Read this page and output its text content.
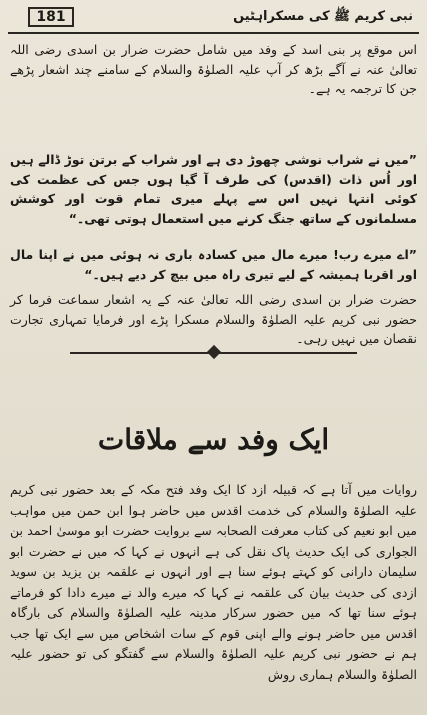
181	نبی کریم ﷺ کی مسکراہٹیں
اس موقع پر بنی اسد کے وفد میں شامل حضرت ضرار بن اسدی رضی اللہ تعالیٰ عنہ نے آگے بڑھ کر آپ علیہ الصلوٰۃ والسلام کے سامنے چند اشعار پڑھے جن کا ترجمہ یہ ہے۔
”میں نے شراب نوشی چھوڑ دی ہے اور شراب کے برتن توڑ ڈالے ہیں اور اُس ذات (اقدس) کی طرف آ گیا ہوں جس کی عظمت کی کوئی انتہا نہیں اس سے پہلے میری تمام قوت اور کوشش مسلمانوں کے ساتھ جنگ کرنے میں استعمال ہوتی تھی۔“
”اے میرے رب! میرے مال میں کسادہ باری نہ ہوئی میں نے اپنا مال اور اقربا ہمیشہ کے لیے تیری راہ میں بیچ کر دیے ہیں۔“
حضرت ضرار بن اسدی رضی اللہ تعالیٰ عنہ کے یہ اشعار سماعت فرما کر حضور نبی کریم علیہ الصلوٰۃ والسلام مسکرا پڑے اور فرمایا تمہاری تجارت نقصان میں نہیں رہی۔
ایک وفد سے ملاقات
روایات میں آتا ہے کہ قبیلہ ازد کا ایک وفد فتح مکہ کے بعد حضور نبی کریم علیہ الصلوٰۃ والسلام کی خدمت اقدس میں حاضر ہوا ابن حمن میں مواہب میں ابو نعیم کی کتاب معرفت الصحابہ سے بروایت حضرت ابو موسیٰ احمد بن الجواری کی ایک حدیث پاک نقل کی ہے انہوں نے کہا کہ میں نے حضرت ابو سلیمان دارانی کو کہتے ہوئے سنا ہے اور انہوں نے علقمہ بن یزید بن سوید ازدی کی حدیث بیان کی علقمہ نے کہا کہ میرے والد نے میرے دادا کو فرماتے ہوئے سنا تھا کہ میں حضور سرکار مدینہ علیہ الصلوٰۃ والسلام کی بارگاہ اقدس میں حاضر ہونے والے اپنی قوم کے سات اشخاص میں سے ایک تھا جب ہم نے حضور نبی کریم علیہ الصلوٰۃ والسلام سے گفتگو کی تو حضور علیہ الصلوٰۃ والسلام ہماری روش
